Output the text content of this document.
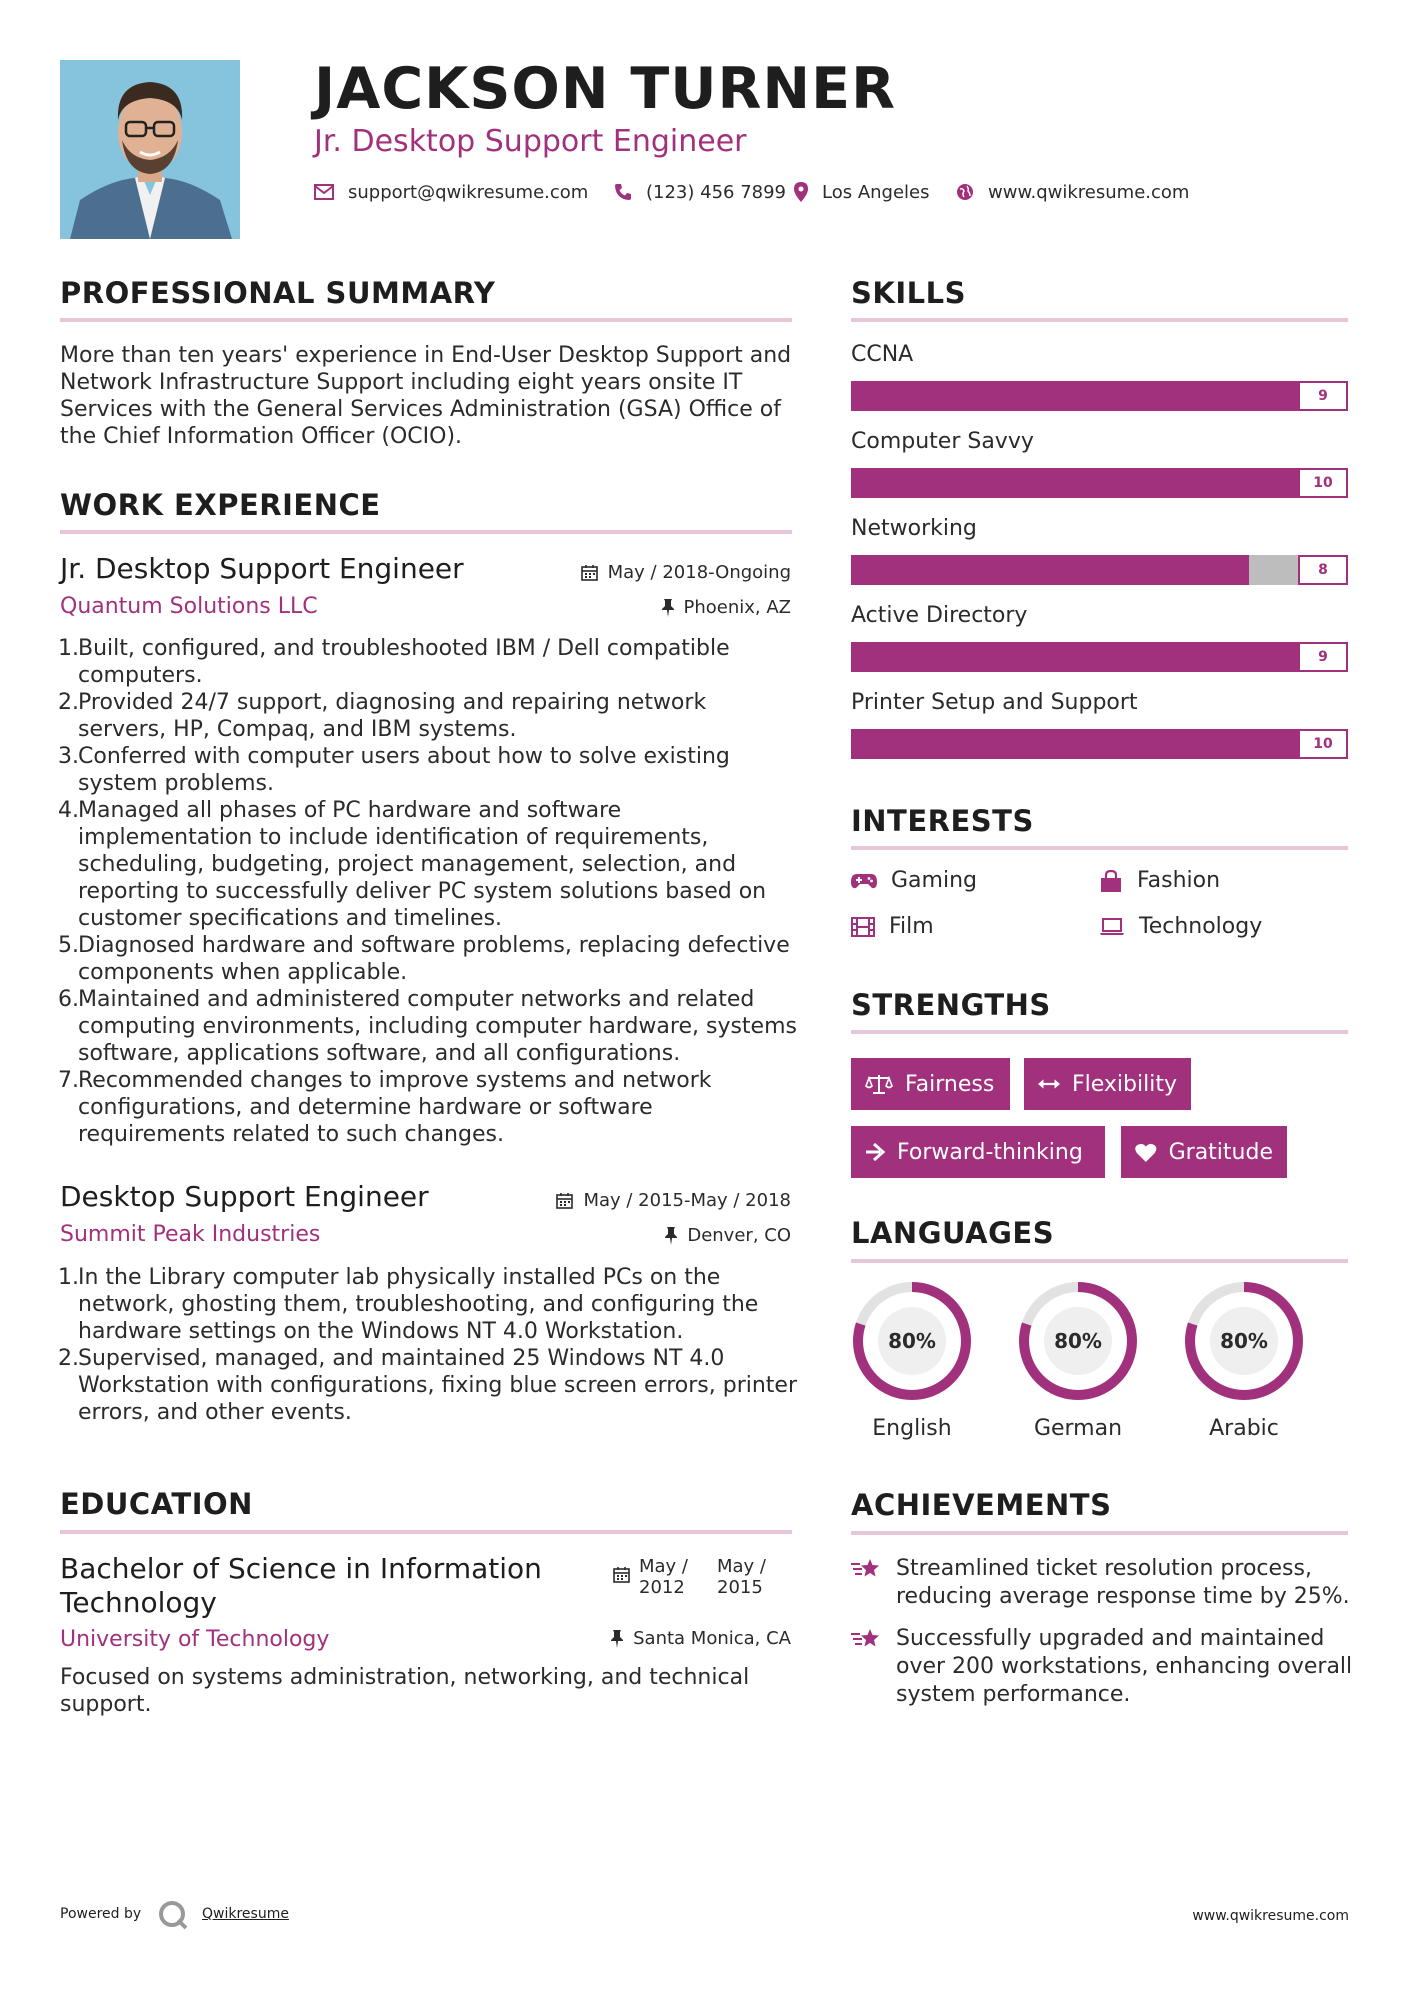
JACKSON TURNER
Jr. Desktop Support Engineer
support@qwikresume.com	(123) 456 7899 Los Angeles	www.qwikresume.com
PROFESSIONAL SUMMARY
More than ten years' experience in End-User Desktop Support and Network Infrastructure Support including eight years onsite IT Services with the General Services Administration (GSA) Office of the Chief Information Officer (OCIO).
WORK EXPERIENCE
Jr. Desktop Support Engineer	May / 2018-Ongoing
Quantum Solutions LLC	Phoenix, AZ
1. Built, configured, and troubleshooted IBM / Dell compatible computers.
2. Provided 24/7 support, diagnosing and repairing network servers, HP, Compaq, and IBM systems.
3. Conferred with computer users about how to solve existing system problems.
4. Managed all phases of PC hardware and software implementation to include identification of requirements, scheduling, budgeting, project management, selection, and reporting to successfully deliver PC system solutions based on customer specifications and timelines.
5. Diagnosed hardware and software problems, replacing defective components when applicable.
6. Maintained and administered computer networks and related computing environments, including computer hardware, systems software, applications software, and all configurations.
7. Recommended changes to improve systems and network configurations, and determine hardware or software requirements related to such changes.
Desktop Support Engineer	May / 2015-May / 2018
Summit Peak Industries	Denver, CO
1. In the Library computer lab physically installed PCs on the network, ghosting them, troubleshooting, and configuring the hardware settings on the Windows NT 4.0 Workstation.
2. Supervised, managed, and maintained 25 Windows NT 4.0 Workstation with configurations, fixing blue screen errors, printer errors, and other events.
EDUCATION
Bachelor of Science in Information
Technology
May /
2012
May /
2015
University of Technology	Santa Monica, CA
Focused on systems administration, networking, and technical support.
SKILLS
CCNA
9
Computer Savvy
10
Networking
8
Active Directory
9
Printer Setup and Support
10
INTERESTS
Gaming	Fashion
Film	Technology
STRENGTHS
Fairness	Flexibility
Forward-thinking	Gratitude
LANGUAGES
80%
English
80%
German
80%
Arabic
ACHIEVEMENTS
Streamlined ticket resolution process, reducing average response time by 25%.
Successfully upgraded and maintained over 200 workstations, enhancing overall system performance.
Powered by	Qwikresume	www.qwikresume.com
